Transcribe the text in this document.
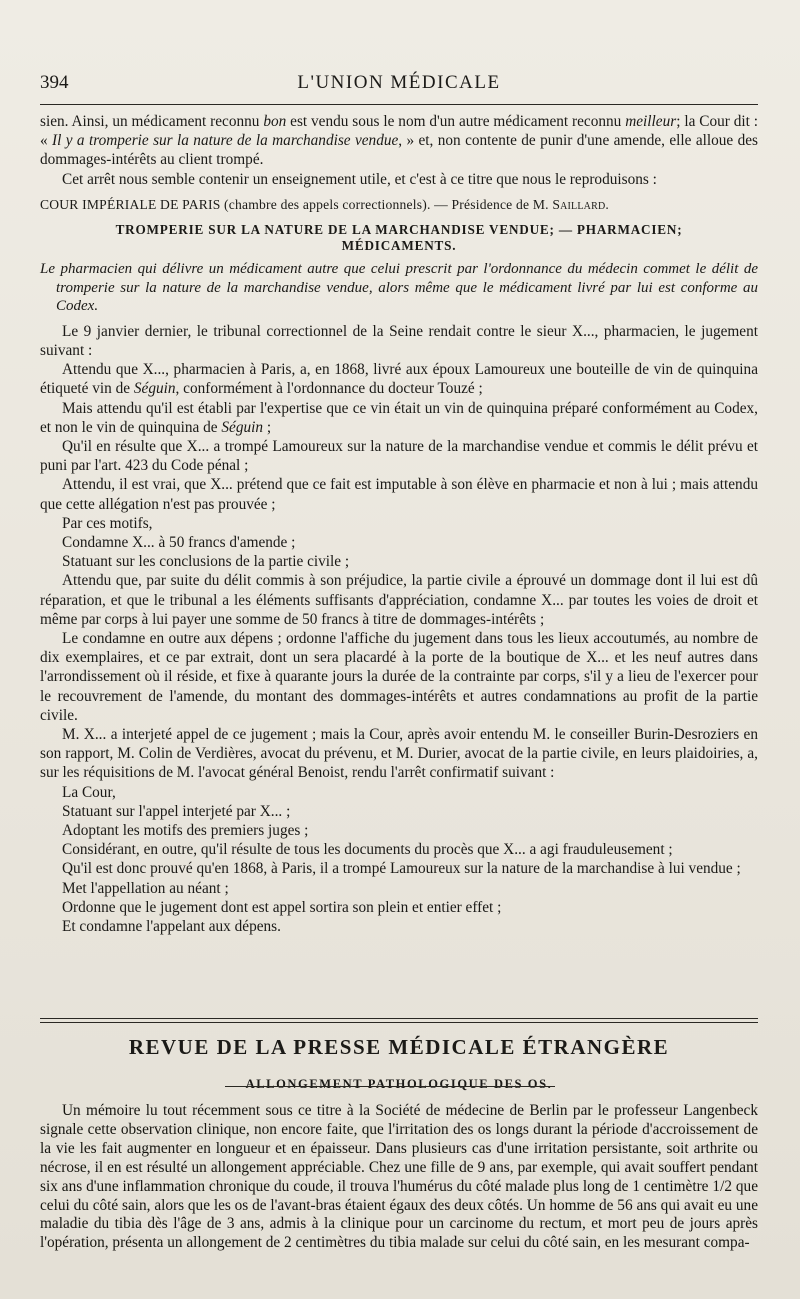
394	L'UNION MÉDICALE

sien. Ainsi, un médicament reconnu bon est vendu sous le nom d'un autre médicament reconnu meilleur; la Cour dit : « Il y a tromperie sur la nature de la marchandise vendue, » et, non contente de punir d'une amende, elle alloue des dommages-intérêts au client trompé.

Cet arrêt nous semble contenir un enseignement utile, et c'est à ce titre que nous le reproduisons :

COUR IMPÉRIALE DE PARIS (chambre des appels correctionnels). — Présidence de M. Saillard.

TROMPERIE SUR LA NATURE DE LA MARCHANDISE VENDUE; — PHARMACIEN;
MÉDICAMENTS.

Le pharmacien qui délivre un médicament autre que celui prescrit par l'ordonnance du médecin commet le délit de tromperie sur la nature de la marchandise vendue, alors même que le médicament livré par lui est conforme au Codex.

Le 9 janvier dernier, le tribunal correctionnel de la Seine rendait contre le sieur X..., pharmacien, le jugement suivant :

Attendu que X..., pharmacien à Paris, a, en 1868, livré aux époux Lamoureux une bouteille de vin de quinquina étiqueté vin de Séguin, conformément à l'ordonnance du docteur Touzé ;

Mais attendu qu'il est établi par l'expertise que ce vin était un vin de quinquina préparé conformément au Codex, et non le vin de quinquina de Séguin ;

Qu'il en résulte que X... a trompé Lamoureux sur la nature de la marchandise vendue et commis le délit prévu et puni par l'art. 423 du Code pénal ;

Attendu, il est vrai, que X... prétend que ce fait est imputable à son élève en pharmacie et non à lui ; mais attendu que cette allégation n'est pas prouvée ;

Par ces motifs,

Condamne X... à 50 francs d'amende ;

Statuant sur les conclusions de la partie civile ;

Attendu que, par suite du délit commis à son préjudice, la partie civile a éprouvé un dommage dont il lui est dû réparation, et que le tribunal a les éléments suffisants d'appréciation, condamne X... par toutes les voies de droit et même par corps à lui payer une somme de 50 francs à titre de dommages-intérêts ;

Le condamne en outre aux dépens ; ordonne l'affiche du jugement dans tous les lieux accoutumés, au nombre de dix exemplaires, et ce par extrait, dont un sera placardé à la porte de la boutique de X... et les neuf autres dans l'arrondissement où il réside, et fixe à quarante jours la durée de la contrainte par corps, s'il y a lieu de l'exercer pour le recouvrement de l'amende, du montant des dommages-intérêts et autres condamnations au profit de la partie civile.

M. X... a interjeté appel de ce jugement ; mais la Cour, après avoir entendu M. le conseiller Burin-Desroziers en son rapport, M. Colin de Verdières, avocat du prévenu, et M. Durier, avocat de la partie civile, en leurs plaidoiries, a, sur les réquisitions de M. l'avocat général Benoist, rendu l'arrêt confirmatif suivant :

La Cour,

Statuant sur l'appel interjeté par X... ;

Adoptant les motifs des premiers juges ;

Considérant, en outre, qu'il résulte de tous les documents du procès que X... a agi frauduleusement ;

Qu'il est donc prouvé qu'en 1868, à Paris, il a trompé Lamoureux sur la nature de la marchandise à lui vendue ;

Met l'appellation au néant ;

Ordonne que le jugement dont est appel sortira son plein et entier effet ;

Et condamne l'appelant aux dépens.

REVUE DE LA PRESSE MÉDICALE ÉTRANGÈRE
ALLONGEMENT PATHOLOGIQUE DES OS.

Un mémoire lu tout récemment sous ce titre à la Société de médecine de Berlin par le professeur Langenbeck signale cette observation clinique, non encore faite, que l'irritation des os longs durant la période d'accroissement de la vie les fait augmenter en longueur et en épaisseur. Dans plusieurs cas d'une irritation persistante, soit arthrite ou nécrose, il en est résulté un allongement appréciable. Chez une fille de 9 ans, par exemple, qui avait souffert pendant six ans d'une inflammation chronique du coude, il trouva l'humérus du côté malade plus long de 1 centimètre 1/2 que celui du côté sain, alors que les os de l'avant-bras étaient égaux des deux côtés. Un homme de 56 ans qui avait eu une maladie du tibia dès l'âge de 3 ans, admis à la clinique pour un carcinome du rectum, et mort peu de jours après l'opération, présenta un allongement de 2 centimètres du tibia malade sur celui du côté sain, en les mesurant compa-
